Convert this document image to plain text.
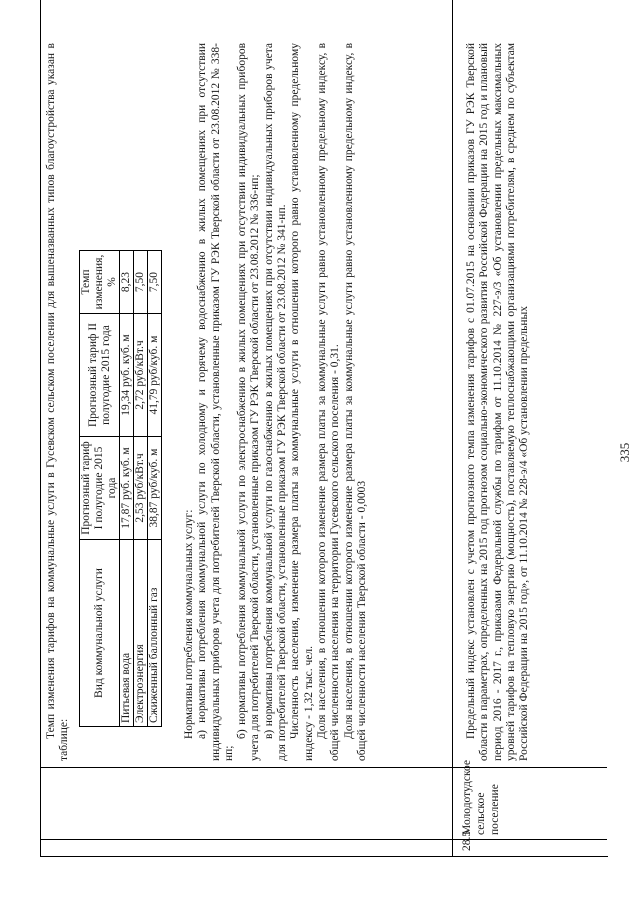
335
28.5
Молодотудское сельское поселение
Темп изменения тарифов на коммунальные услуги в Гусевском сельском поселении для вышеназванных типов благоустройства указан в таблице:
Вид коммунальной услуги	Прогнозный тариф I полугодие 2015 года	Прогнозный тариф II полугодие 2015 года	Темп изменения, %
Питьевая вода	17,87 руб. куб. м	19,34 руб. куб. м	8,23
Электроэнергия	2,53 руб/кВт.ч	2,72 руб/кВт.ч	7,50
Сжиженный баллонный газ	38,87 руб/куб. м	41,79 руб/куб. м	7,50

Нормативы потребления коммунальных услуг: а) нормативы потребления коммунальной услуги по холодному и горячему водоснабжению в жилых помещениях при отсутствии индивидуальных приборов учета для потребителей Тверской области, установленные приказом ГУ РЭК Тверской области от 23.08.2012 № 338-нп;

б) нормативы потребления коммунальной услуги по электроснабжению в жилых помещениях при отсутствии индивидуальных приборов учета для потребителей Тверской области, установленные приказом ГУ РЭК Тверской области от 23.08.2012 № 336-нп; в) нормативы потребления коммунальной услуги по газоснабжению в жилых помещениях при отсутствии индивидуальных приборов учета для потребителей Тверской области, установленные приказом ГУ РЭК Тверской области от 23.08.2012 № 341-нп. Численность населения, изменение размера платы за коммунальные услуги в отношении которого равно установленному предельному индексу - 1,32 тыс. чел. Доля населения, в отношении которого изменение размера платы за коммунальные услуги равно установленному предельному индексу, в общей численности населения на территории Гусевского сельского поселения - 0,31. Доля населения, в отношении которого изменение размера платы за коммунальные услуги равно установленному предельному индексу, в общей численности населения Тверской области - 0,0003	Предельный индекс установлен с учетом прогнозного темпа изменения тарифов с 01.07.2015 на основании приказов ГУ РЭК Тверской области в параметрах, определенных на 2015 год прогнозом социально-экономического развития Российской Федерации на 2015 год и плановый период 2016 - 2017 г., приказами Федеральной службы по тарифам от 11.10.2014 № 227-э/3 «Об установлении предельных максимальных уровней тарифов на тепловую энергию (мощность), поставляемую теплоснабжающими организациями потребителям, в среднем по субъектам Российской Федерации на 2015 год», от 11.10.2014 № 228-э/4 «Об установлении предельных
